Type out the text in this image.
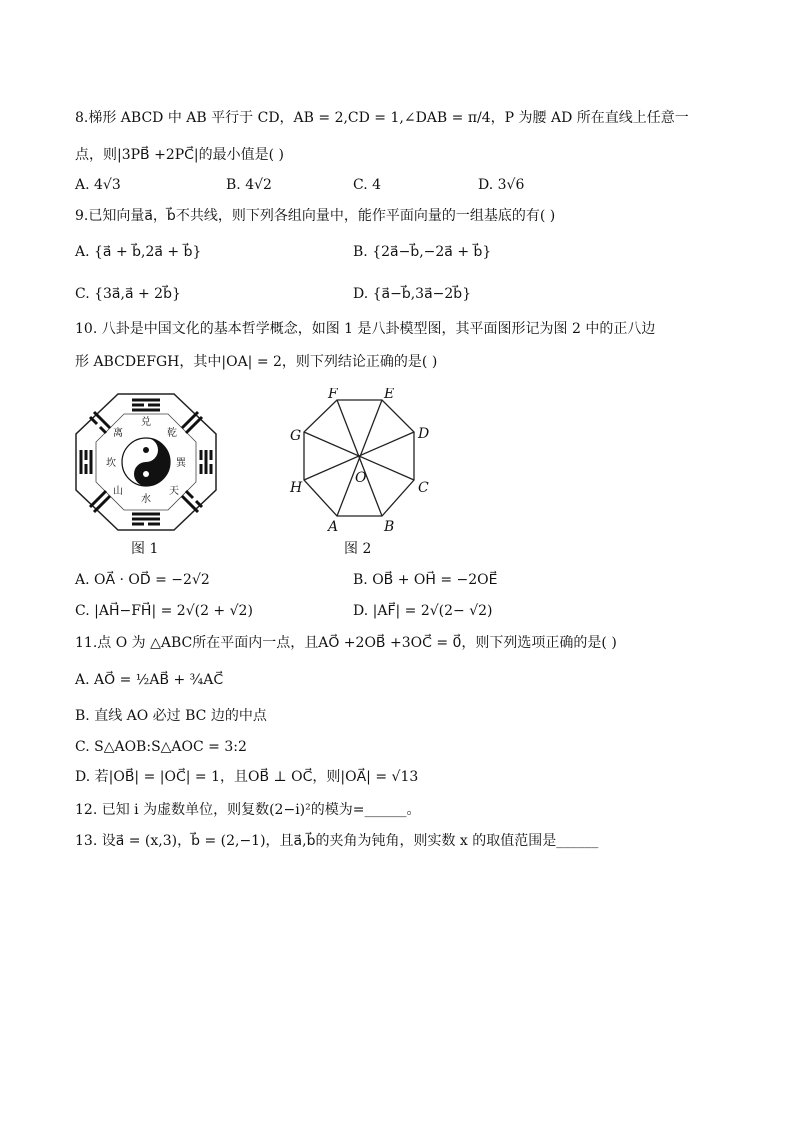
8.梯形 ABCD 中 AB 平行于 CD，AB = 2,CD = 1,∠DAB = π/4，P 为腰 AD 所在直线上任意一
点，则|3PB⃗ +2PC⃗|的最小值是( )
A. 4√3	B. 4√2	C. 4	D. 3√6
9.已知向量a⃗，b⃗不共线，则下列各组向量中，能作平面向量的一组基底的有( )
A. {a⃗ + b⃗,2a⃗ + b⃗}	B. {2a⃗−b⃗,−2a⃗ + b⃗}
C. {3a⃗,a⃗ + 2b⃗}	D. {a⃗−b⃗,3a⃗−2b⃗}
10. 八卦是中国文化的基本哲学概念，如图 1 是八卦模型图，其平面图形记为图 2 中的正八边
形 ABCDEFGH，其中|OA| = 2，则下列结论正确的是( )
兑
乾
巽
离
坎
山
水
天
图 1
F	E
D
C
B
A
H
G
O
图 2
A. OA⃗ · OD⃗ = −2√2	B. OB⃗ + OH⃗ = −2OE⃗
C. |AH⃗−FH⃗| = 2√(2 + √2)	D. |AF⃗| = 2√(2− √2)
11.点 O 为 △ABC所在平面内一点，且AO⃗ +2OB⃗ +3OC⃗ = 0⃗，则下列选项正确的是( )
A. AO⃗ = ½AB⃗ + ¾AC⃗
B. 直线 AO 必过 BC 边的中点
C. S△AOB:S△AOC = 3:2
D. 若|OB⃗| = |OC⃗| = 1，且OB⃗ ⊥ OC⃗，则|OA⃗| = √13
12. 已知 i 为虚数单位，则复数(2−i)²的模为=______。
13. 设a⃗ = (x,3)，b⃗ = (2,−1)，且a⃗,b⃗的夹角为钝角，则实数 x 的取值范围是______
